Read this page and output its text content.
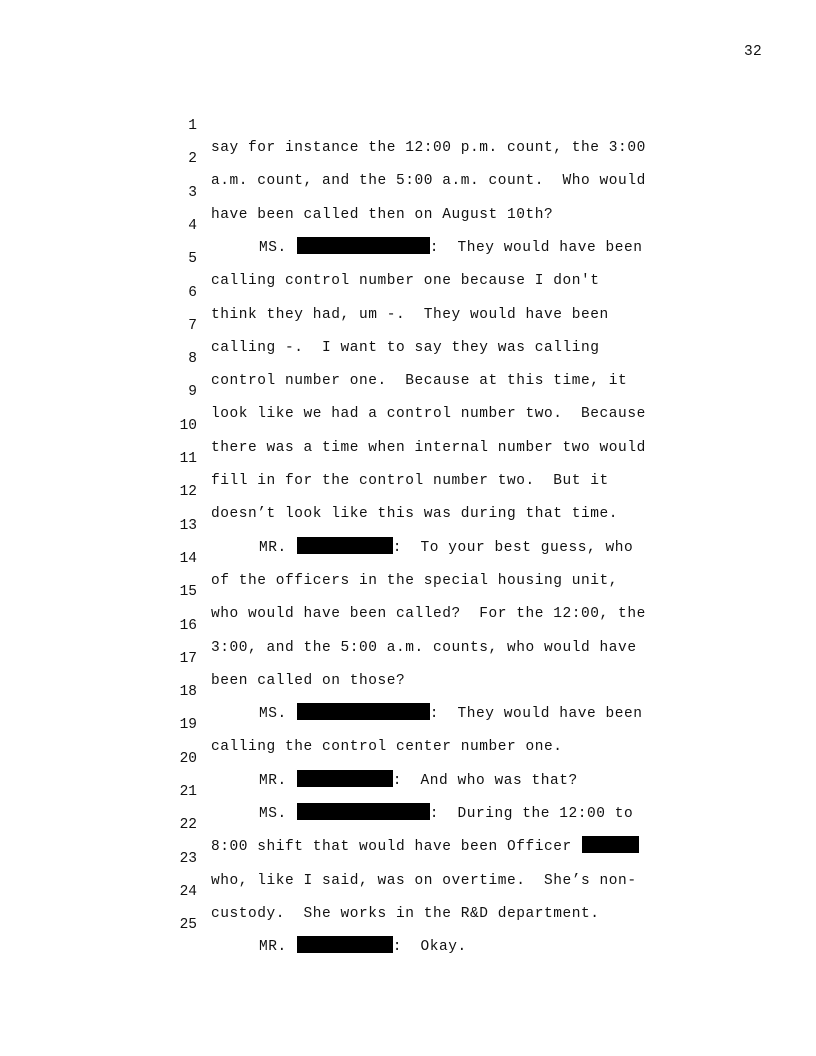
32

1

say for instance the 12:00 p.m. count, the 3:00

2

a.m. count, and the 5:00 a.m. count.  Who would

3

have been called then on August 10th?

4

MS.	:  They would have been

5

calling control number one because I don't

6

think they had, um -.  They would have been

7

calling -.  I want to say they was calling

8

control number one.  Because at this time, it

9

look like we had a control number two.  Because

10

there was a time when internal number two would

11

fill in for the control number two.  But it

12

doesn’t look like this was during that time.

13

MR.	:  To your best guess, who

14

of the officers in the special housing unit,

15

who would have been called?  For the 12:00, the

16

3:00, and the 5:00 a.m. counts, who would have

17

been called on those?

18

MS.	:  They would have been

19

calling the control center number one.

20

MR.	:  And who was that?

21

MS.	:  During the 12:00 to

22

8:00 shift that would have been Officer

23

who, like I said, was on overtime.  She’s non-

24

custody.  She works in the R&D department.

25

MR.	:  Okay.
